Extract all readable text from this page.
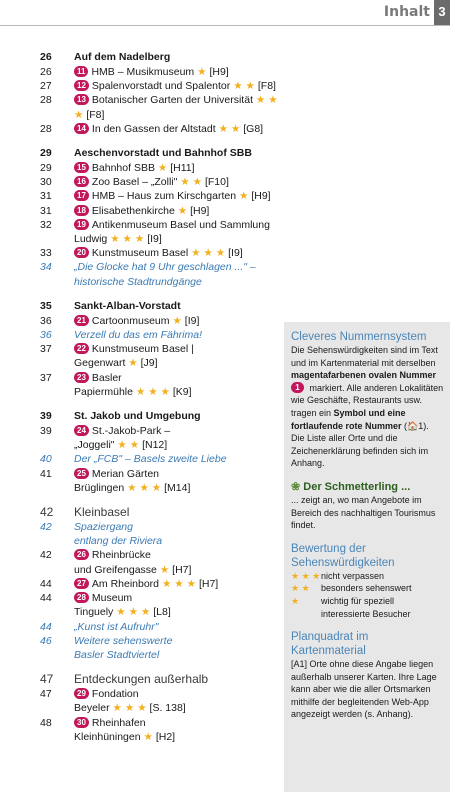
Inhalt 3
26	Auf dem Nadelberg
26	11 HMB – Musikmuseum ★ [H9]
27	12 Spalenvorstadt und Spalentor ★ ★ [F8]
28	13 Botanischer Garten der Universität ★ ★ ★ [F8]
28	14 In den Gassen der Altstadt ★ ★ [G8]
29	Aeschenvorstadt und Bahnhof SBB
29	15 Bahnhof SBB ★ [H11]
30	16 Zoo Basel – „Zolli" ★ ★ [F10]
31	17 HMB – Haus zum Kirschgarten ★ [H9]
31	18 Elisabethenkirche ★ [H9]
32	19 Antikenmuseum Basel und Sammlung Ludwig ★ ★ ★ [I9]
33	20 Kunstmuseum Basel ★ ★ ★ [I9]
34	„Die Glocke hat 9 Uhr geschlagen ..." – historische Stadtrundgänge
35	Sankt-Alban-Vorstadt
36	21 Cartoonmuseum ★ [I9]
36	Verzell du das em Fährima!
37	22 Kunstmuseum Basel |
Gegenwart ★ [J9]
37	23 Basler
Papiermühle ★ ★ ★ [K9]
39	St. Jakob und Umgebung
39	24 St.-Jakob-Park –
„Joggeli" ★ ★ [N12]
40	Der „FCB" – Basels zweite Liebe
41	25 Merian Gärten
Brüglingen ★ ★ ★ [M14]
42	Kleinbasel
42	Spaziergang
entlang der Riviera
42	26 Rheinbrücke
und Greifengasse ★ [H7]
44	27 Am Rheinbord ★ ★ ★ [H7]
44	28 Museum
Tinguely ★ ★ ★ [L8]
44	„Kunst ist Aufruhr"
46	Weitere sehenswerte
Basler Stadtviertel
47	Entdeckungen außerhalb
47	29 Fondation
Beyeler ★ ★ ★ [S. 138]
48	30 Rheinhafen
Kleinhüningen ★ [H2]
Cleveres Nummernsystem
Die Sehenswürdigkeiten sind im Text und im Kartenmaterial mit derselben magentafarbenen ovalen Nummer 1 markiert. Alle anderen Lokalitäten wie Geschäfte, Restaurants usw. tragen ein Symbol und eine fortlaufende rote Nummer (🏠1). Die Liste aller Orte und die Zeichenerklärung befinden sich im Anhang.
❀ Der Schmetterling ...
... zeigt an, wo man Angebote im Bereich des nachhaltigen Tourismus findet.
Bewertung der Sehenswürdigkeiten
★ ★ ★ nicht verpassen
★ ★	besonders sehenswert
★	wichtig für speziell interessierte Besucher
Planquadrat im Kartenmaterial
[A1] Orte ohne diese Angabe liegen außerhalb unserer Karten. Ihre Lage kann aber wie die aller Ortsmarken mithilfe der begleitenden Web-App angezeigt werden (s. Anhang).
